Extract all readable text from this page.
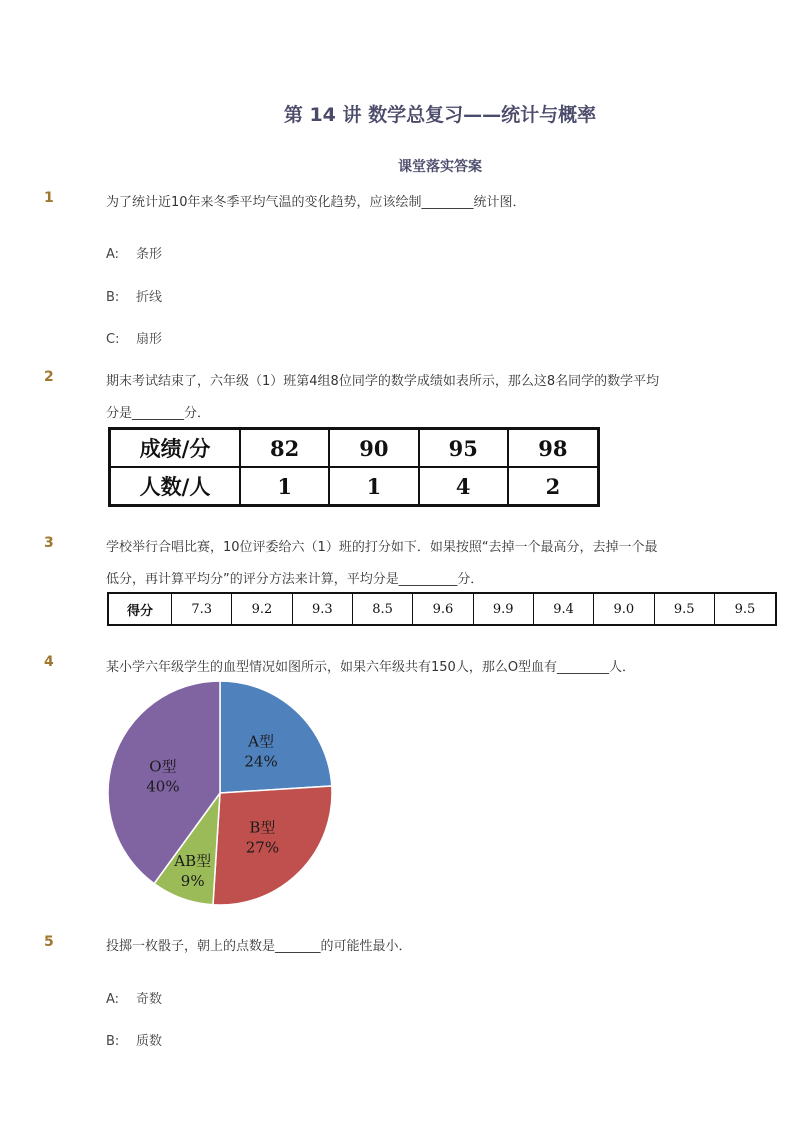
第 14 讲 数学总复习——统计与概率
课堂落实答案
1	为了统计近10年来冬季平均气温的变化趋势，应该绘制________统计图．
A: 条形
B: 折线
C: 扇形
2	期末考试结束了，六年级（1）班第4组8位同学的数学成绩如表所示，那么这8名同学的数学平均
分是________分．
成绩/分	82	90	95	98
人数/人	1	1	4	2
3	学校举行合唱比赛，10位评委给六（1）班的打分如下．如果按照“去掉一个最高分，去掉一个最
低分，再计算平均分”的评分方法来计算，平均分是_________分．
得分	7.3	9.2	9.3	8.5	9.6	9.9	9.4	9.0	9.5	9.5
4	某小学六年级学生的血型情况如图所示，如果六年级共有150人，那么O型血有________人．
A型
24%
B型
27%
AB型
9%
O型
40%
5	投掷一枚骰子，朝上的点数是_______的可能性最小．
A: 奇数
B: 质数
